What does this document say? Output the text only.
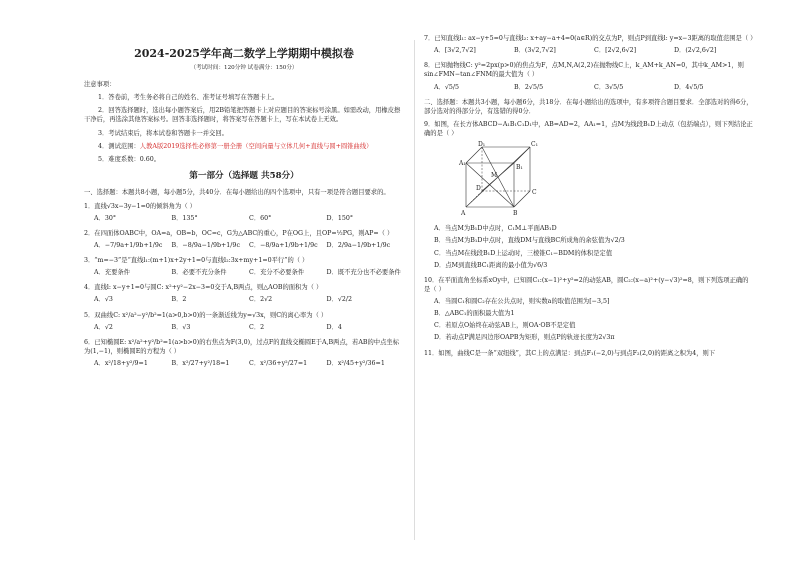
2024-2025学年高二数学上学期期中模拟卷
（考试时间：120分钟 试卷满分：150分）
注意事项：
1．答卷前，考生务必将自己的姓名、准考证号填写在答题卡上。
2．回答选择题时，选出每小题答案后，用2B铅笔把答题卡上对应题目的答案标号涂黑。如需改动，用橡皮擦干净后，再选涂其他答案标号。回答非选择题时，将答案写在答题卡上，写在本试卷上无效。
3．考试结束后，将本试卷和答题卡一并交回。
4．测试范围：人教A版2019选择性必修第一册全册（空间向量与立体几何+直线与圆+圆锥曲线）
5．难度系数：0.60。
第一部分（选择题 共58分）
一、选择题：本题共8小题，每小题5分，共40分．在每小题给出的四个选项中，只有一项是符合题目要求的。
1．直线√3x−3y−1=0的倾斜角为（ ）
A．30°	B．135°	C．60°	D．150°
2．在四面体OABC中，OA=a，OB=b，OC=c，G为△ABC的重心，P在OG上，且OP=½PG，则AP=（ ）
A．−7/9a+1/9b+1/9c	B．−8/9a−1/9b+1/9c	C．−8/9a+1/9b+1/9c	D．2/9a−1/9b+1/9c
3．“m=−3”是“直线l₁:(m+1)x+2y+1=0与直线l₂:3x+my+1=0平行”的（ ）
A．充要条件	B．必要不充分条件	C．充分不必要条件	D．既不充分也不必要条件
4．直线l: x−y+1=0与圆C: x²+y²−2x−3=0交于A,B两点，则△AOB的面积为（ ）
A．√3	B．2	C．2√2	D．√2/2
5．双曲线C: x²/a²−y²/b²=1(a>0,b>0)的一条渐近线为y=√3x，则C的离心率为（ ）
A．√2	B．√3	C．2	D．4
6．已知椭圆E: x²/a²+y²/b²=1(a>b>0)的右焦点为F(3,0)，过点F的直线交椭圆E于A,B两点，若AB的中点坐标为(1,−1)，则椭圆E的方程为（ ）
A．x²/18+y²/9=1	B．x²/27+y²/18=1	C．x²/36+y²/27=1	D．x²/45+y²/36=1
7．已知直线l₁: ax−y+5=0与直线l₂: x+ay−a+4=0(a∈R)的交点为P，则点P到直线l: y=x−3距离的取值范围是（ ）
A．[3√2,7√2]	B．(3√2,7√2]	C．[2√2,6√2]	D．(2√2,6√2]
8．已知抛物线C: y²=2px(p>0)的焦点为F，点M,N,A(2,2)在抛物线C上，k_AM+k_AN=0，其中k_AM>1，则sin∠FMN−tan∠FNM的最大值为（ ）
A．√5/5	B．2√5/5	C．3√5/5	D．4√5/5
二、选择题：本题共3小题，每小题6分，共18分．在每小题给出的选项中，有多项符合题目要求．全部选对的得6分，部分选对的得部分分，有选错的得0分．
9．如图，在长方体ABCD−A₁B₁C₁D₁中，AB=AD=2，AA₁=1，点M为线段B₁D上动点（包括端点），则下列结论正确的是（ ）
D₁	C₁
A₁
B₁
M
D
C
A	B
A．当点M为B₁D中点时，C₁M⊥平面AB₁D
B．当点M为B₁D中点时，直线DM与直线BC所成角的余弦值为√2/3
C．当点M在线段B₁D上运动时，三棱锥C₁−BDM的体积是定值
D．点M到直线BC₁距离的最小值为√6/3
10．在平面直角坐标系xOy中，已知圆C₁:(x−1)²+y²=2的动弦AB，圆C₂:(x−a)²+(y−√3)²=8，则下列选项正确的是（ ）
A．当圆C₁和圆C₂存在公共点时，则实数a的取值范围为[−3,5]
B．△ABC₁的面积最大值为1
C．若原点O始终在动弦AB上，则OA·OB不是定值
D．若动点P满足四边形OAPB为矩形，则点P的轨迹长度为2√3π
11．如图，曲线C是一条“双纽线”，其C上的点满足：到点F₁(−2,0)与到点F₂(2,0)的距离之积为4，则下
